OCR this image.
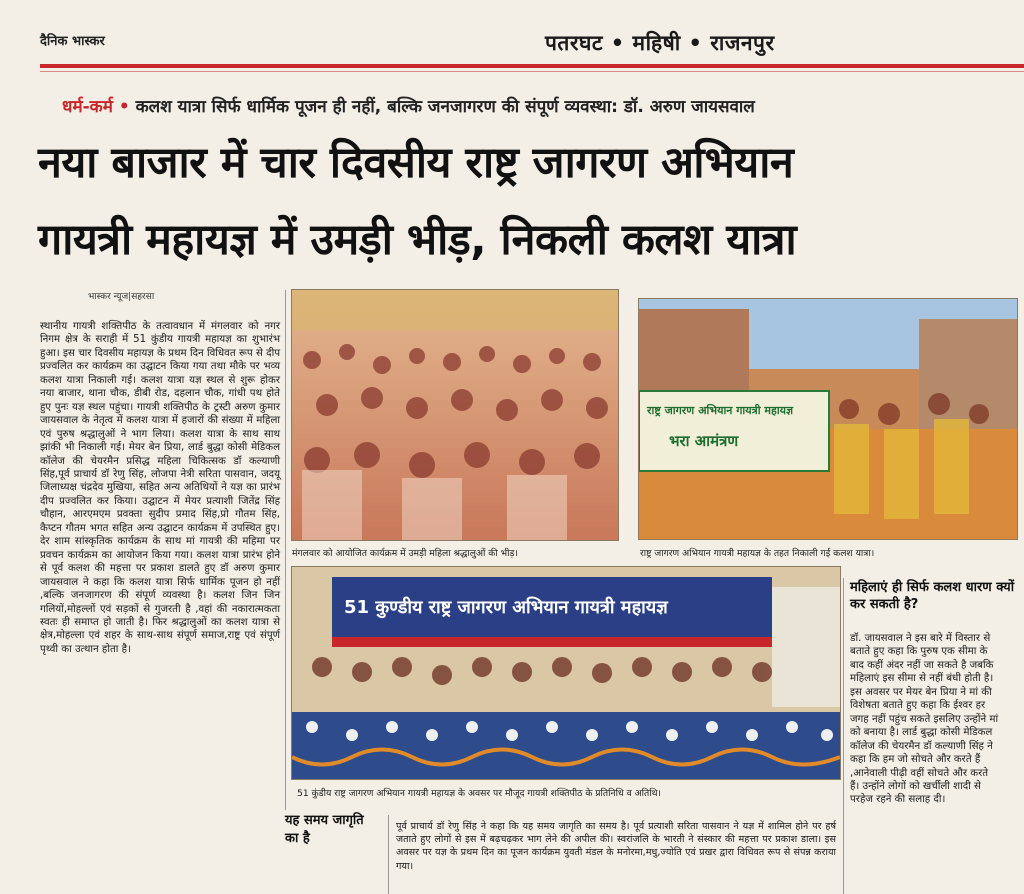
दैनिक भास्कर	पतरघट • महिषी • राजनपुर
धर्म-कर्म • कलश यात्रा सिर्फ धार्मिक पूजन ही नहीं, बल्कि जनजागरण की संपूर्ण व्यवस्था: डॉ. अरुण जायसवाल
नया बाजार में चार दिवसीय राष्ट्र जागरण अभियान
गायत्री महायज्ञ में उमड़ी भीड़, निकली कलश यात्रा
भास्कर न्यूज|सहरसा
स्थानीय गायत्री शक्तिपीठ के तत्वावधान में मंगलवार को नगर निगम क्षेत्र के सराही में 51 कुंडीय गायत्री महायज्ञ का शुभारंभ हुआ। इस चार दिवसीय महायज्ञ के प्रथम दिन विधिवत रूप से दीप प्रज्वलित कर कार्यक्रम का उद्घाटन किया गया तथा मौके पर भव्य कलश यात्रा निकाली गई। कलश यात्रा यज्ञ स्थल से शुरू होकर नया बाजार, थाना चौक, डीबी रोड, दहलान चौक, गांधी पथ होते हुए पुनः यज्ञ स्थल पहुंचा। गायत्री शक्तिपीठ के ट्रस्टी अरुण कुमार जायसवाल के नेतृत्व में कलश यात्रा में हजारों की संख्या में महिला एवं पुरुष श्रद्धालुओं ने भाग लिया। कलश यात्रा के साथ साथ झांकी भी निकाली गई। मेयर बेन प्रिया, लार्ड बुद्धा कोसी मेडिकल कॉलेज की चेयरमैन प्रसिद्ध महिला चिकित्सक डॉ कल्याणी सिंह,पूर्व प्राचार्य डॉ रेणु सिंह, लोजपा नेत्री सरिता पासवान, जदयू जिलाध्यक्ष चंद्रदेव मुखिया, सहित अन्य अतिथियों ने यज्ञ का प्रारंभ दीप प्रज्वलित कर किया। उद्घाटन में मेयर प्रत्याशी जितेंद्र सिंह चौहान, आरएमएम प्रवक्ता सुदीप प्रमाद सिंह,प्रो गौतम सिंह, कैप्टन गौतम भगत सहित अन्य उद्घाटन कार्यक्रम में उपस्थित हुए। देर शाम सांस्कृतिक कार्यक्रम के साथ मां गायत्री की महिमा पर प्रवचन कार्यक्रम का आयोजन किया गया। कलश यात्रा प्रारंभ होने से पूर्व कलश की महत्ता पर प्रकाश डालते हुए डॉ अरुण कुमार जायसवाल ने कहा कि कलश यात्रा सिर्फ धार्मिक पूजन हो नहीं ,बल्कि जनजागरण की संपूर्ण व्यवस्था है। कलश जिन जिन गलियों,मोहल्लों एवं सड़कों से गुजरती है ,वहां की नकारात्मकता स्वतः ही समाप्त हो जाती है। फिर श्रद्धालुओं का कलश यात्रा से क्षेत्र,मोहल्ला एवं शहर के साथ-साथ संपूर्ण समाज,राष्ट्र एवं संपूर्ण पृथ्वी का उत्थान होता है।
मंगलवार को आयोजित कार्यक्रम में उमड़ी महिला श्रद्धालुओं की भीड़।
राष्ट्र जागरण अभियान गायत्री महायज्ञ
भरा आमंत्रण
राष्ट्र जागरण अभियान गायत्री महायज्ञ के तहत निकाली गई कलश यात्रा।
51 कुण्डीय राष्ट्र जागरण अभियान गायत्री महायज्ञ
51 कुंडीय राष्ट्र जागरण अभियान गायत्री महायज्ञ के अवसर पर मौजूद गायत्री शक्तिपीठ के प्रतिनिधि व अतिथि।
महिलाएं ही सिर्फ कलश धारण क्यों कर सकती है?
डॉ. जायसवाल ने इस बारे में विस्तार से बताते हुए कहा कि पुरुष एक सीमा के बाद कहीं अंदर नहीं जा सकते है जबकि महिलाएं इस सीमा से नहीं बंधी होती है। इस अवसर पर मेयर बेन प्रिया ने मां की विशेषता बताते हुए कहा कि ईश्वर हर जगह नहीं पहुंच सकते इसलिए उन्होंने मां को बनाया है। लार्ड बुद्धा कोसी मेडिकल कॉलेज की चेयरमैन डॉ कल्याणी सिंह ने कहा कि हम जो सोचते और करते हैं ,आनेवाली पीढ़ी वहीं सोचते और करते हैं। उन्होंने लोगों को खर्चीली शादी से परहेज रहने की सलाह दी।
यह समय जागृति का है
पूर्व प्राचार्य डॉ रेणु सिंह ने कहा कि यह समय जागृति का समय है। पूर्व प्रत्याशी सरिता पासवान ने यज्ञ में शामिल होने पर हर्ष जताते हुए लोगों से इस में बढ़चढ़कर भाग लेने की अपील की। स्वरांजलि के भारती ने संस्कार की महत्ता पर प्रकाश डाला। इस अवसर पर यज्ञ के प्रथम दिन का पूजन कार्यक्रम युवती मंडल के मनोरमा,मधु,ज्योति एवं प्रखर द्वारा विधिवत रूप से संपन्न कराया गया।
